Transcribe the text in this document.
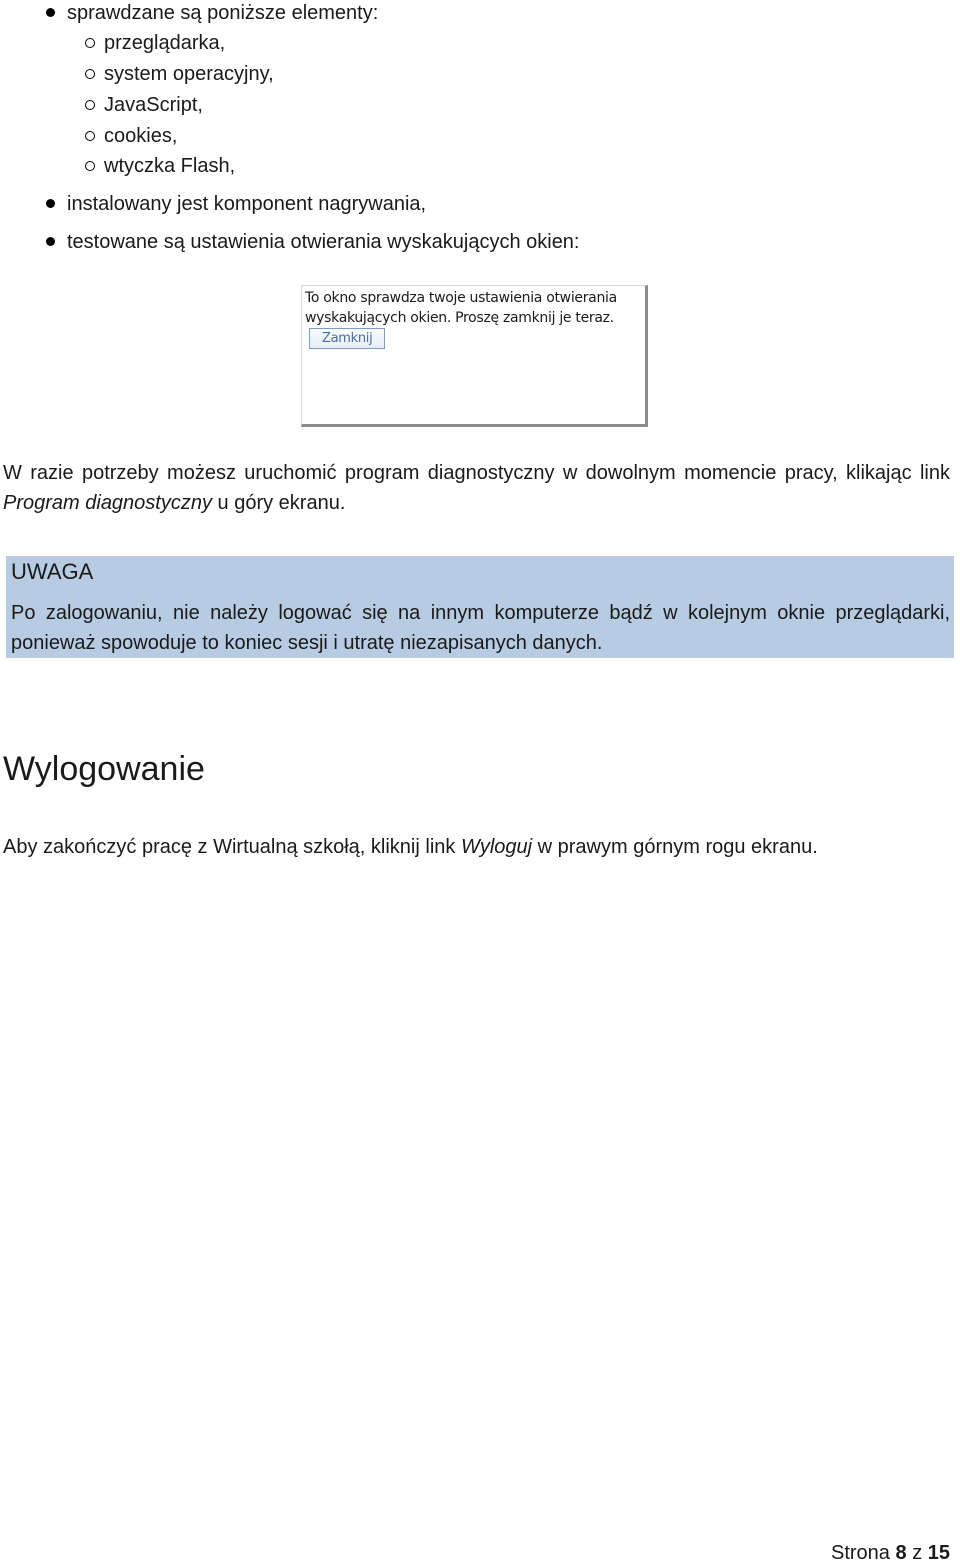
sprawdzane są poniższe elementy:
przeglądarka,
system operacyjny,
JavaScript,
cookies,
wtyczka Flash,
instalowany jest komponent nagrywania,
testowane są ustawienia otwierania wyskakujących okien:
To okno sprawdza twoje ustawienia otwierania wyskakujących okien. Proszę zamknij je teraz.Zamknij
W razie potrzeby możesz uruchomić program diagnostyczny w dowolnym momencie pracy, klikając link Program diagnostyczny u góry ekranu.
UWAGA
Po zalogowaniu, nie należy logować się na innym komputerze bądź w kolejnym oknie przeglądarki, ponieważ spowoduje to koniec sesji i utratę niezapisanych danych.
Wylogowanie
Aby zakończyć pracę z Wirtualną szkołą, kliknij link Wyloguj w prawym górnym rogu ekranu.
Strona 8 z 15
